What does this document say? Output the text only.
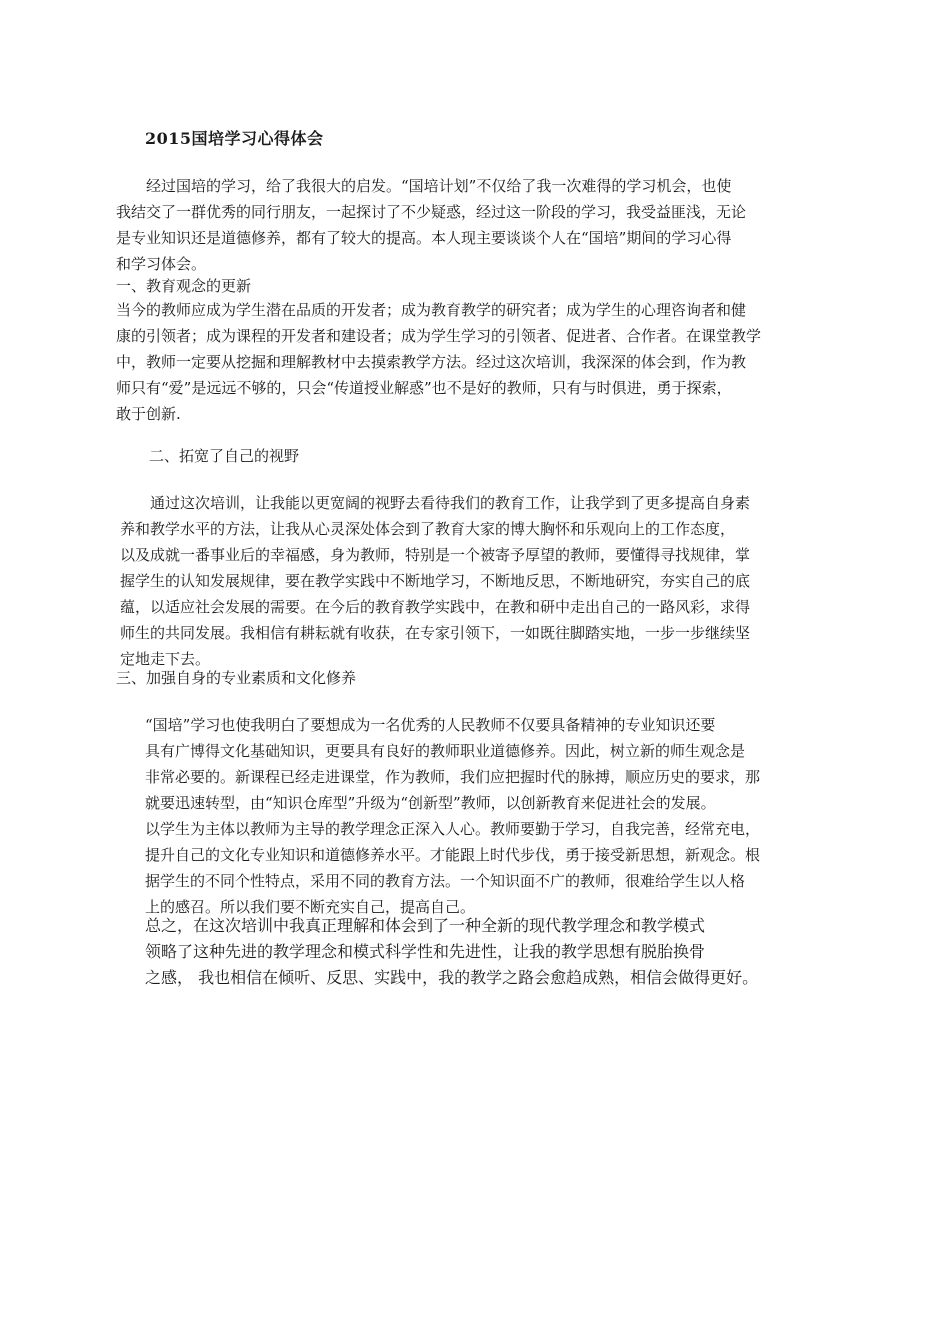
2015国培学习心得体会

　　经过国培的学习，给了我很大的启发。“国培计划”不仅给了我一次难得的学习机会，也使
我结交了一群优秀的同行朋友，一起探讨了不少疑惑，经过这一阶段的学习，我受益匪浅，无论
是专业知识还是道德修养，都有了较大的提高。本人现主要谈谈个人在“国培”期间的学习心得
和学习体会。

一、教育观念的更新

当今的教师应成为学生潜在品质的开发者；成为教育教学的研究者；成为学生的心理咨询者和健
康的引领者；成为课程的开发者和建设者；成为学生学习的引领者、促进者、合作者。在课堂教学
中，教师一定要从挖掘和理解教材中去摸索教学方法。经过这次培训，我深深的体会到，作为教
师只有“爱”是远远不够的，只会“传道授业解惑”也不是好的教师，只有与时俱进，勇于探索，
敢于创新.

二、拓宽了自己的视野

　　通过这次培训，让我能以更宽阔的视野去看待我们的教育工作，让我学到了更多提高自身素
养和教学水平的方法，让我从心灵深处体会到了教育大家的博大胸怀和乐观向上的工作态度，
以及成就一番事业后的幸福感，身为教师，特别是一个被寄予厚望的教师，要懂得寻找规律，掌
握学生的认知发展规律，要在教学实践中不断地学习，不断地反思，不断地研究，夯实自己的底
蕴，以适应社会发展的需要。在今后的教育教学实践中，在教和研中走出自己的一路风彩，求得
师生的共同发展。我相信有耕耘就有收获，在专家引领下，一如既往脚踏实地，一步一步继续坚
定地走下去。

三、加强自身的专业素质和文化修养

“国培”学习也使我明白了要想成为一名优秀的人民教师不仅要具备精神的专业知识还要
具有广博得文化基础知识，更要具有良好的教师职业道德修养。因此，树立新的师生观念是
非常必要的。新课程已经走进课堂，作为教师，我们应把握时代的脉搏，顺应历史的要求，那
就要迅速转型，由“知识仓库型”升级为“创新型”教师，以创新教育来促进社会的发展。
以学生为主体以教师为主导的教学理念正深入人心。教师要勤于学习，自我完善，经常充电，
提升自己的文化专业知识和道德修养水平。才能跟上时代步伐，勇于接受新思想，新观念。根
据学生的不同个性特点，采用不同的教育方法。一个知识面不广的教师，很难给学生以人格
上的感召。所以我们要不断充实自己，提高自己。

总之，在这次培训中我真正理解和体会到了一种全新的现代教学理念和教学模式
领略了这种先进的教学理念和模式科学性和先进性，让我的教学思想有脱胎换骨
之感， 我也相信在倾听、反思、实践中，我的教学之路会愈趋成熟，相信会做得更好。
